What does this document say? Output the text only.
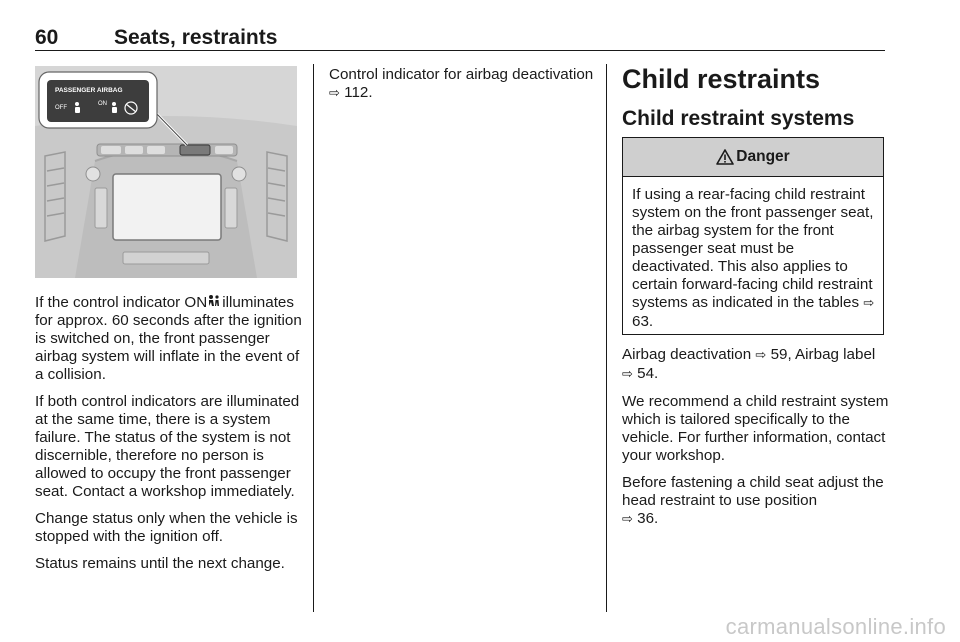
60	Seats, restraints
PASSENGER AIRBAG
OFF
ON

If the control indicator ON illuminates for approx. 60 seconds after the ignition is switched on, the front passenger airbag system will inflate in the event of a collision.

If both control indicators are illuminated at the same time, there is a system failure. The status of the system is not discernible, therefore no person is allowed to occupy the front passenger seat. Contact a workshop immediately.

Change status only when the vehicle is stopped with the ignition off.

Status remains until the next change.

Control indicator for airbag deactivation ⇨ 112.	Child restraints
Child restraint systems
Danger
If using a rear-facing child restraint system on the front passenger seat, the airbag system for the front passenger seat must be deactivated. This also applies to certain forward-facing child restraint systems as indicated in the tables ⇨ 63.

Airbag deactivation ⇨ 59, Airbag label
⇨ 54.

We recommend a child restraint system which is tailored specifically to the vehicle. For further information, contact your workshop.

Before fastening a child seat adjust the head restraint to use position
⇨ 36.

carmanualsonline.info
